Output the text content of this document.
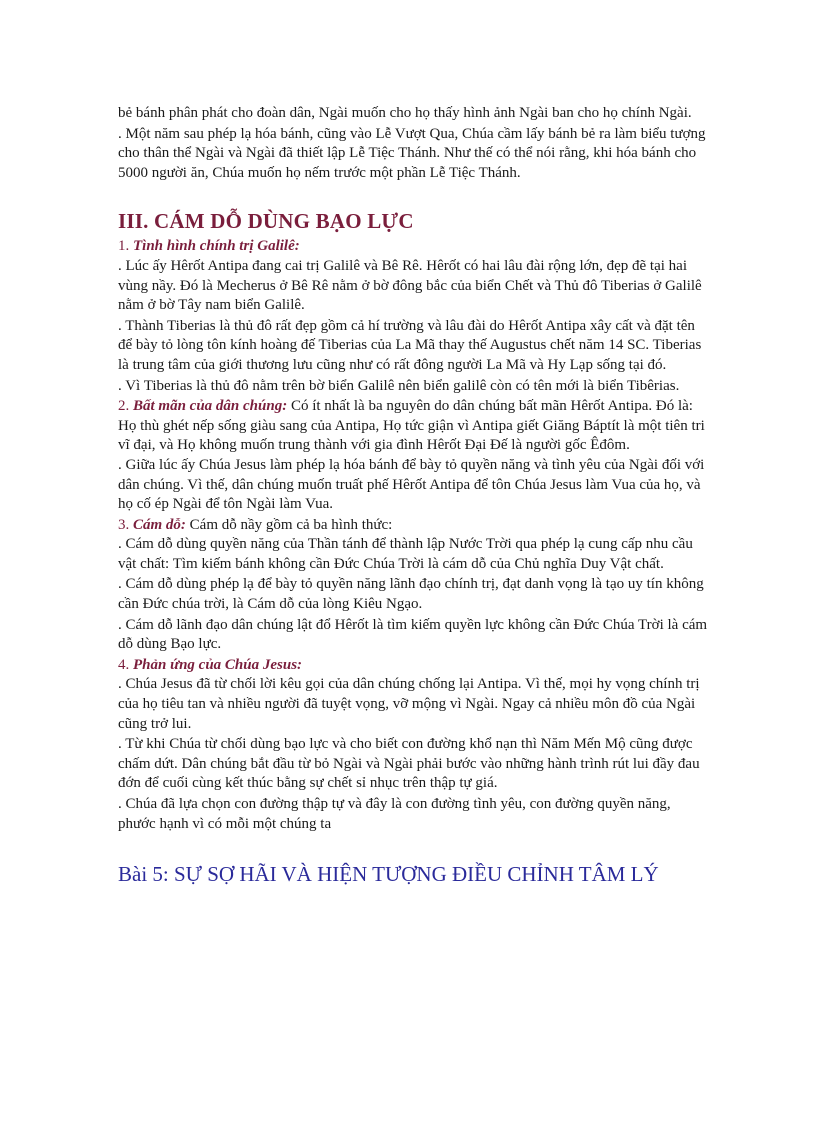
bẻ bánh phân phát cho đoàn dân, Ngài muốn cho họ thấy hình ảnh Ngài ban cho họ chính Ngài.

. Một năm sau phép lạ hóa bánh, cũng vào Lễ Vượt Qua, Chúa cầm lấy bánh bẻ ra làm biểu tượng cho thân thể Ngài và Ngài đã thiết lập Lễ Tiệc Thánh. Như thế có thể nói rằng, khi hóa bánh cho 5000 người ăn, Chúa muốn họ nếm trước một phần Lễ Tiệc Thánh.

III. CÁM DỖ DÙNG BẠO LỰC

1. Tình hình chính trị Galilê:

. Lúc ấy Hêrốt Antipa đang cai trị Galilê và Bê Rê. Hêrốt có hai lâu đài rộng lớn, đẹp đẽ tại hai vùng nầy. Đó là Mecherus ở Bê Rê nằm ở bờ đông bắc của biển Chết và Thủ đô Tiberias ở Galilê nằm ở bờ Tây nam biển Galilê.

. Thành Tiberias là thủ đô rất đẹp gồm cả hí trường và lâu đài do Hêrốt Antipa xây cất và đặt tên để bày tỏ lòng tôn kính hoàng đế Tiberias của La Mã thay thế Augustus chết năm 14 SC. Tiberias là trung tâm của giới thương lưu cũng như có rất đông người La Mã và Hy Lạp sống tại đó.

. Vì Tiberias là thủ đô nằm trên bờ biển Galilê nên biển galilê còn có tên mới là biển Tibêrias.

2. Bất mãn của dân chúng: Có ít nhất là ba nguyên do dân chúng bất mãn Hêrốt Antipa. Đó là: Họ thù ghét nếp sống giàu sang của Antipa, Họ tức giận vì Antipa giết Giăng Báptít là một tiên tri vĩ đại, và Họ không muốn trung thành với gia đình Hêrốt Đại Đế là người gốc Êđôm.

. Giữa lúc ấy Chúa Jesus làm phép lạ hóa bánh để bày tỏ quyền năng và tình yêu của Ngài đối với dân chúng. Vì thế, dân chúng muốn truất phế Hêrốt Antipa để tôn Chúa Jesus làm Vua của họ, và họ cố ép Ngài để tôn Ngài làm Vua.

3. Cám dỗ: Cám dỗ nầy gồm cả ba hình thức:

. Cám dỗ dùng quyền năng của Thần tánh để thành lập Nước Trời qua phép lạ cung cấp nhu cầu vật chất: Tìm kiếm bánh không cần Đức Chúa Trời là cám dỗ của Chủ nghĩa Duy Vật chất.

. Cám dỗ dùng phép lạ để bày tỏ quyền năng lãnh đạo chính trị, đạt danh vọng là tạo uy tín không cần Đức chúa trời, là Cám dỗ của lòng Kiêu Ngạo.

. Cám dỗ lãnh đạo dân chúng lật đổ Hêrốt là tìm kiếm quyền lực không cần Đức Chúa Trời là cám dỗ dùng Bạo lực.

4. Phản ứng của Chúa Jesus:

. Chúa Jesus đã từ chối lời kêu gọi của dân chúng chống lại Antipa. Vì thế, mọi hy vọng chính trị của họ tiêu tan và nhiều người đã tuyệt vọng, vỡ mộng vì Ngài. Ngay cả nhiều môn đồ của Ngài cũng trở lui.

. Từ khi Chúa từ chối dùng bạo lực và cho biết con đường khổ nạn thì Năm Mến Mộ cũng được chấm dứt. Dân chúng bắt đầu từ bỏ Ngài và Ngài phải bước vào những hành trình rút lui đầy đau đớn để cuối cùng kết thúc bằng sự chết sỉ nhục trên thập tự giá.

. Chúa đã lựa chọn con đường thập tự và đây là con đường tình yêu, con đường quyền năng, phước hạnh vì có mỗi một chúng ta

Bài 5: SỰ SỢ HÃI VÀ HIỆN TƯỢNG ĐIỀU CHỈNH TÂM LÝ
